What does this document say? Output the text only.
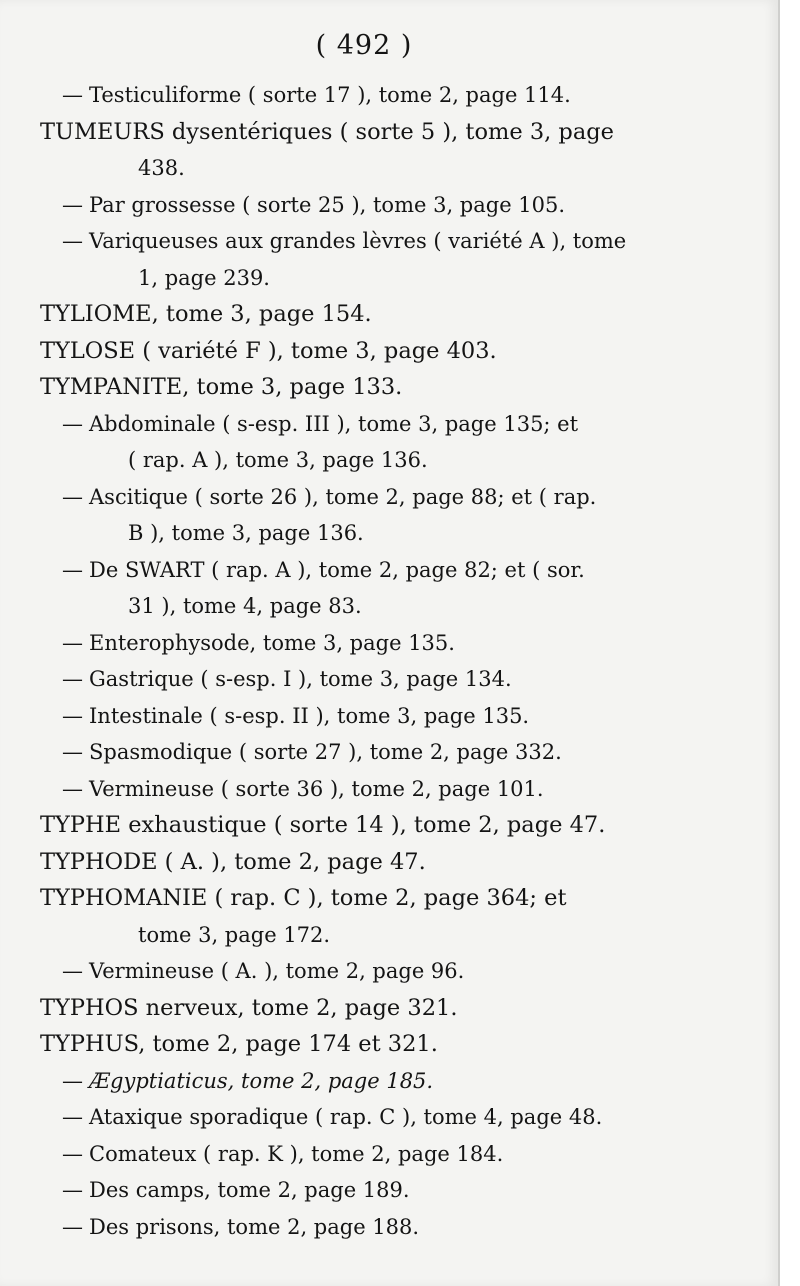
( 492 )
— Testiculiforme ( sorte 17 ), tome 2, page 114.
TUMEURS dysentériques ( sorte 5 ), tome 3, page
438.
— Par grossesse ( sorte 25 ), tome 3, page 105.
— Variqueuses aux grandes lèvres ( variété A ), tome
1, page 239.
TYLIOME, tome 3, page 154.
TYLOSE ( variété F ), tome 3, page 403.
TYMPANITE, tome 3, page 133.
— Abdominale ( s-esp. III ), tome 3, page 135; et
( rap. A ), tome 3, page 136.
— Ascitique ( sorte 26 ), tome 2, page 88; et ( rap.
B ), tome 3, page 136.
— De SWART ( rap. A ), tome 2, page 82; et ( sor.
31 ), tome 4, page 83.
— Enterophysode, tome 3, page 135.
— Gastrique ( s-esp. I ), tome 3, page 134.
— Intestinale ( s-esp. II ), tome 3, page 135.
— Spasmodique ( sorte 27 ), tome 2, page 332.
— Vermineuse ( sorte 36 ), tome 2, page 101.
TYPHE exhaustique ( sorte 14 ), tome 2, page 47.
TYPHODE ( A. ), tome 2, page 47.
TYPHOMANIE ( rap. C ), tome 2, page 364; et
tome 3, page 172.
— Vermineuse ( A. ), tome 2, page 96.
TYPHOS nerveux, tome 2, page 321.
TYPHUS, tome 2, page 174 et 321.
— Ægyptiaticus, tome 2, page 185.
— Ataxique sporadique ( rap. C ), tome 4, page 48.
— Comateux ( rap. K ), tome 2, page 184.
— Des camps, tome 2, page 189.
— Des prisons, tome 2, page 188.
